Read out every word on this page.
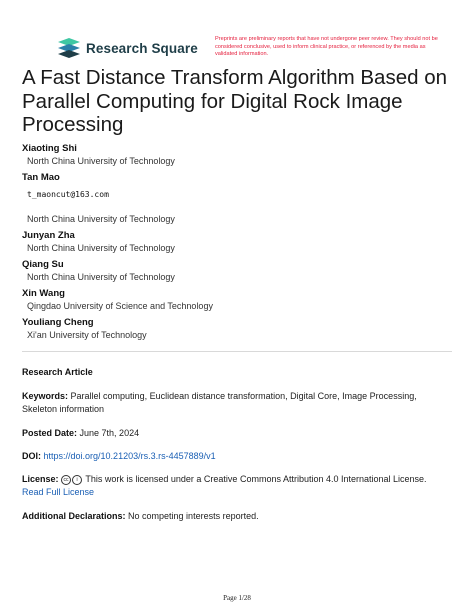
Research Square
Preprints are preliminary reports that have not undergone peer review. They should not be considered conclusive, used to inform clinical practice, or referenced by the media as validated information.
A Fast Distance Transform Algorithm Based on Parallel Computing for Digital Rock Image Processing
Xiaoting Shi
North China University of Technology
Tan Mao
t_maoncut@163.com
North China University of Technology
Junyan Zha
North China University of Technology
Qiang Su
North China University of Technology
Xin Wang
Qingdao University of Science and Technology
Youliang Cheng
Xi'an University of Technology
Research Article
Keywords: Parallel computing, Euclidean distance transformation, Digital Core, Image Processing, Skeleton information
Posted Date: June 7th, 2024
DOI: https://doi.org/10.21203/rs.3.rs-4457889/v1
License: cc i This work is licensed under a Creative Commons Attribution 4.0 International License.
Read Full License
Additional Declarations: No competing interests reported.
Page 1/28
